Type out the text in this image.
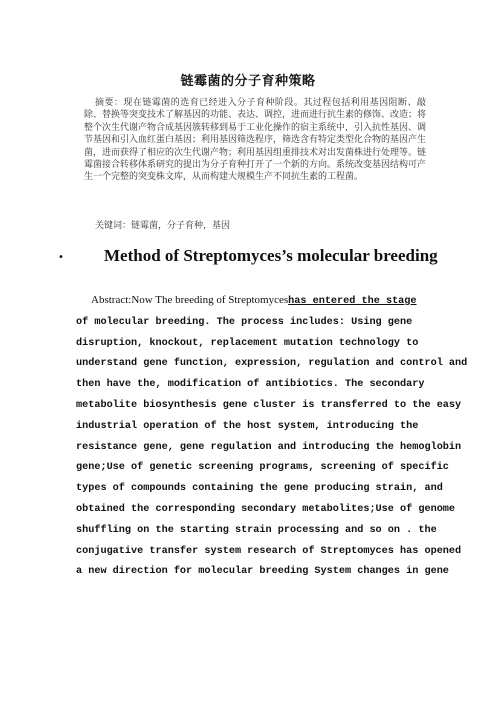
链霉菌的分子育种策略

摘要：现在链霉菌的选育已经进入分子育种阶段。其过程包括利用基因阻断、敲除、替换等突变技术了解基因的功能、表达、调控，进而进行抗生素的修饰、改造；将整个次生代谢产物合成基因簇转移到易于工业化操作的宿主系统中，引入抗性基因、调节基因和引入血红蛋白基因；利用基因筛选程序，筛选含有特定类型化合物的基因产生菌，进而获得了相应的次生代谢产物；利用基因组重排技术对出发菌株进行处理等。链霉菌接合转移体系研究的提出为分子育种打开了一个新的方向。系统改变基因结构可产生一个完整的突变株文库，从而构建大规模生产不同抗生素的工程菌。

关键词：链霉菌，分子育种，基因
• Method of Streptomyces’s molecular breeding
Abstract:Now The breeding of Streptomyceshas entered the stage
of molecular breeding. The process includes: Using gene
disruption, knockout, replacement mutation technology to
understand gene function, expression, regulation and control and
then have the, modification of antibiotics. The secondary
metabolite biosynthesis gene cluster is transferred to the easy
industrial operation of the host system, introducing the
resistance gene, gene regulation and introducing the hemoglobin
gene;Use of genetic screening programs, screening of specific
types of compounds containing the gene producing strain, and
obtained the corresponding secondary metabolites;Use of genome
shuffling on the starting strain processing and so on . the
conjugative transfer system research of Streptomyces has opened
a new direction for molecular breeding System changes in gene
